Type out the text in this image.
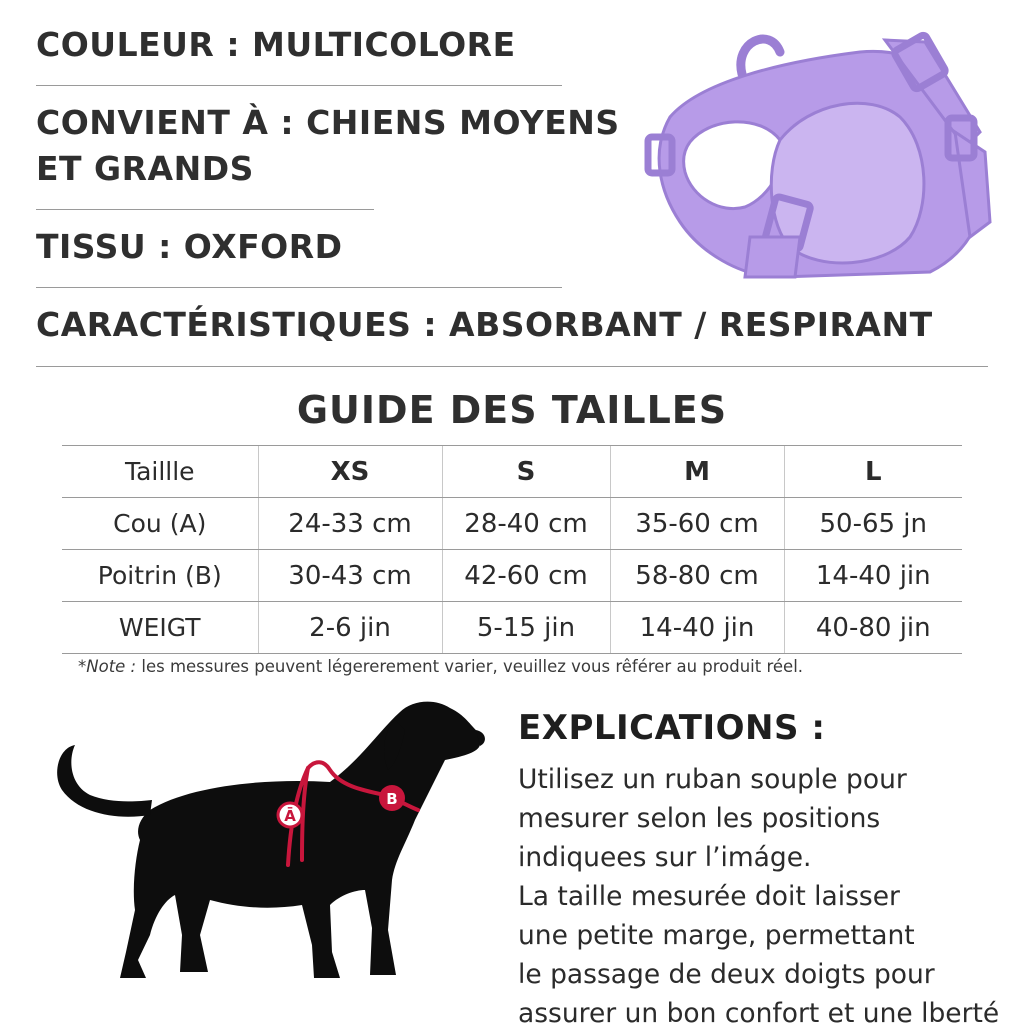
COULEUR : MULTICOLORE

CONVIENT À : CHIENS MOYENS

ET GRANDS

TISSU : OXFORD

CARACTÉRISTIQUES : ABSORBANT / RESPIRANT

GUIDE DES TAILLES
Taillle	XS	S	M	L
Cou (A)	24-33 cm	28-40 cm	35-60 cm	50-65 jn
Poitrin (B)	30-43 cm	42-60 cm	58-80 cm	14-40 jin
WEIGT	2-6 jin	5-15 jin	14-40 jin	40-80 jin
*Note : les messures peuvent légererement varier, veuillez vous rêférer au produit réel.
Ā
B
EXPLICATIONS :
Utilisez un ruban souple pour
mesurer selon les positions
indiquees sur l’imáge.
La taille mesurée doit laisser
une petite marge, permettant
le passage de deux doigts pour
assurer un bon confort et une lberté
